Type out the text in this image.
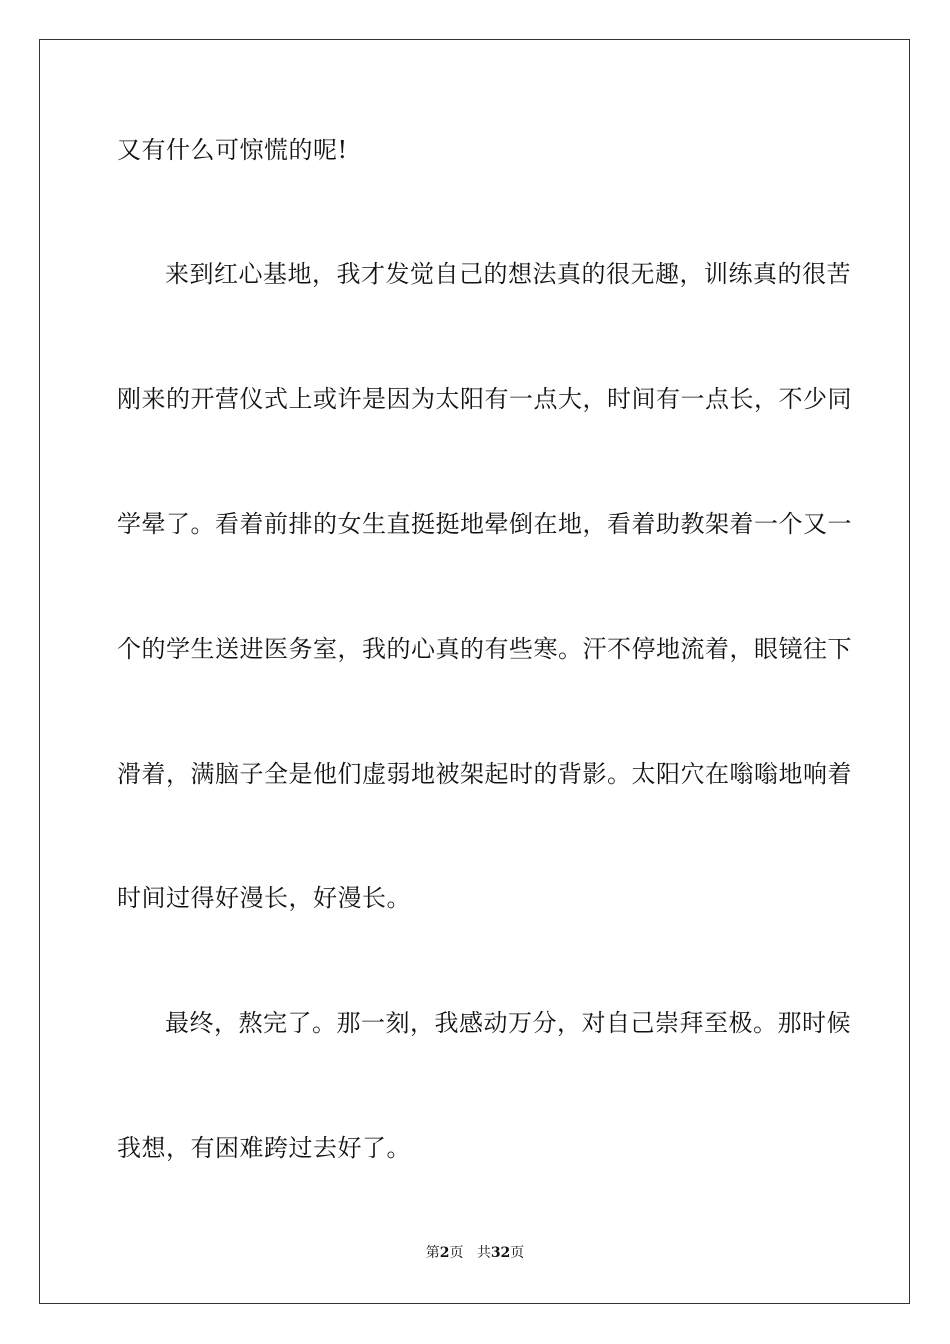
又有什么可惊慌的呢!
来到红心基地，我才发觉自己的想法真的很无趣，训练真的很苦
刚来的开营仪式上或许是因为太阳有一点大，时间有一点长，不少同
学晕了。看着前排的女生直挺挺地晕倒在地，看着助教架着一个又一
个的学生送进医务室，我的心真的有些寒。汗不停地流着，眼镜往下
滑着，满脑子全是他们虚弱地被架起时的背影。太阳穴在嗡嗡地响着
时间过得好漫长，好漫长。
最终，熬完了。那一刻，我感动万分，对自己崇拜至极。那时候
我想，有困难跨过去好了。
第2页 共32页
